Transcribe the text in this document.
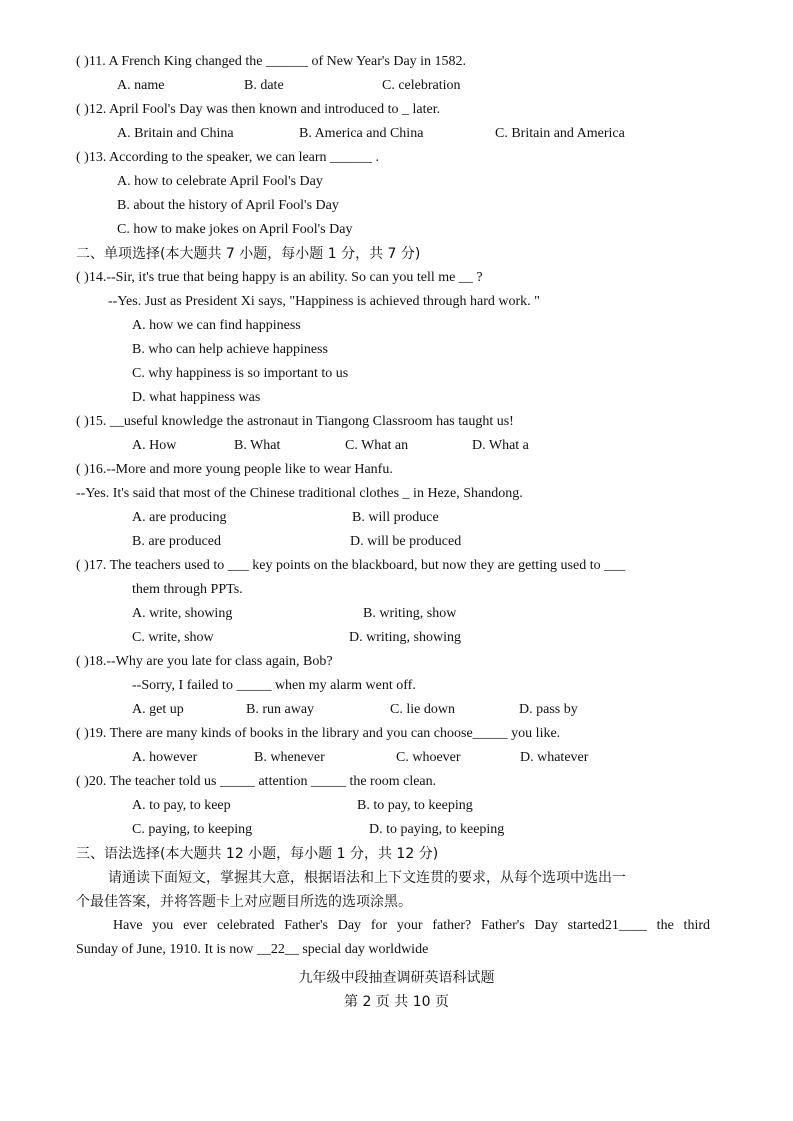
( )11. A French King changed the ______ of New Year's Day in 1582.
A. name	B. date	C. celebration
( )12. April Fool's Day was then known and introduced to _ later.
A. Britain and China	B. America and China	C. Britain and America
( )13. According to the speaker, we can learn ______ .
A. how to celebrate April Fool's Day
B. about the history of April Fool's Day
C. how to make jokes on April Fool's Day
二、单项选择(本大题共 7 小题，每小题 1 分，共 7 分)
( )14.--Sir, it's true that being happy is an ability. So can you tell me __ ?
--Yes. Just as President Xi says, "Happiness is achieved through hard work. "
A. how we can find happiness
B. who can help achieve happiness
C. why happiness is so important to us
D. what happiness was
( )15. __useful knowledge the astronaut in Tiangong Classroom has taught us!
A. How	B. What	C. What an	D. What a
( )16.--More and more young people like to wear Hanfu.
--Yes. It's said that most of the Chinese traditional clothes _ in Heze, Shandong.
A. are producing	B. will produce
B. are produced	D. will be produced
( )17. The teachers used to ___ key points on the blackboard, but now they are getting used to ___
them through PPTs.
A. write, showing	B. writing, show
C. write, show	D. writing, showing
( )18.--Why are you late for class again, Bob?
--Sorry, I failed to _____ when my alarm went off.
A. get up	B. run away	C. lie down	D. pass by
( )19. There are many kinds of books in the library and you can choose_____ you like.
A. however	B. whenever	C. whoever	D. whatever
( )20. The teacher told us _____ attention _____ the room clean.
A. to pay, to keep	B. to pay, to keeping
C. paying, to keeping	D. to paying, to keeping
三、语法选择(本大题共 12 小题，每小题 1 分，共 12 分)
请通读下面短文，掌握其大意，根据语法和上下文连贯的要求，从每个选项中选出一
个最佳答案，并将答题卡上对应题目所选的选项涂黑。
Have you ever celebrated Father's Day for your father? Father's Day started21____ the third
Sunday of June, 1910. It is now __22__ special day worldwide
九年级中段抽查调研英语科试题
第 2 页 共 10 页
